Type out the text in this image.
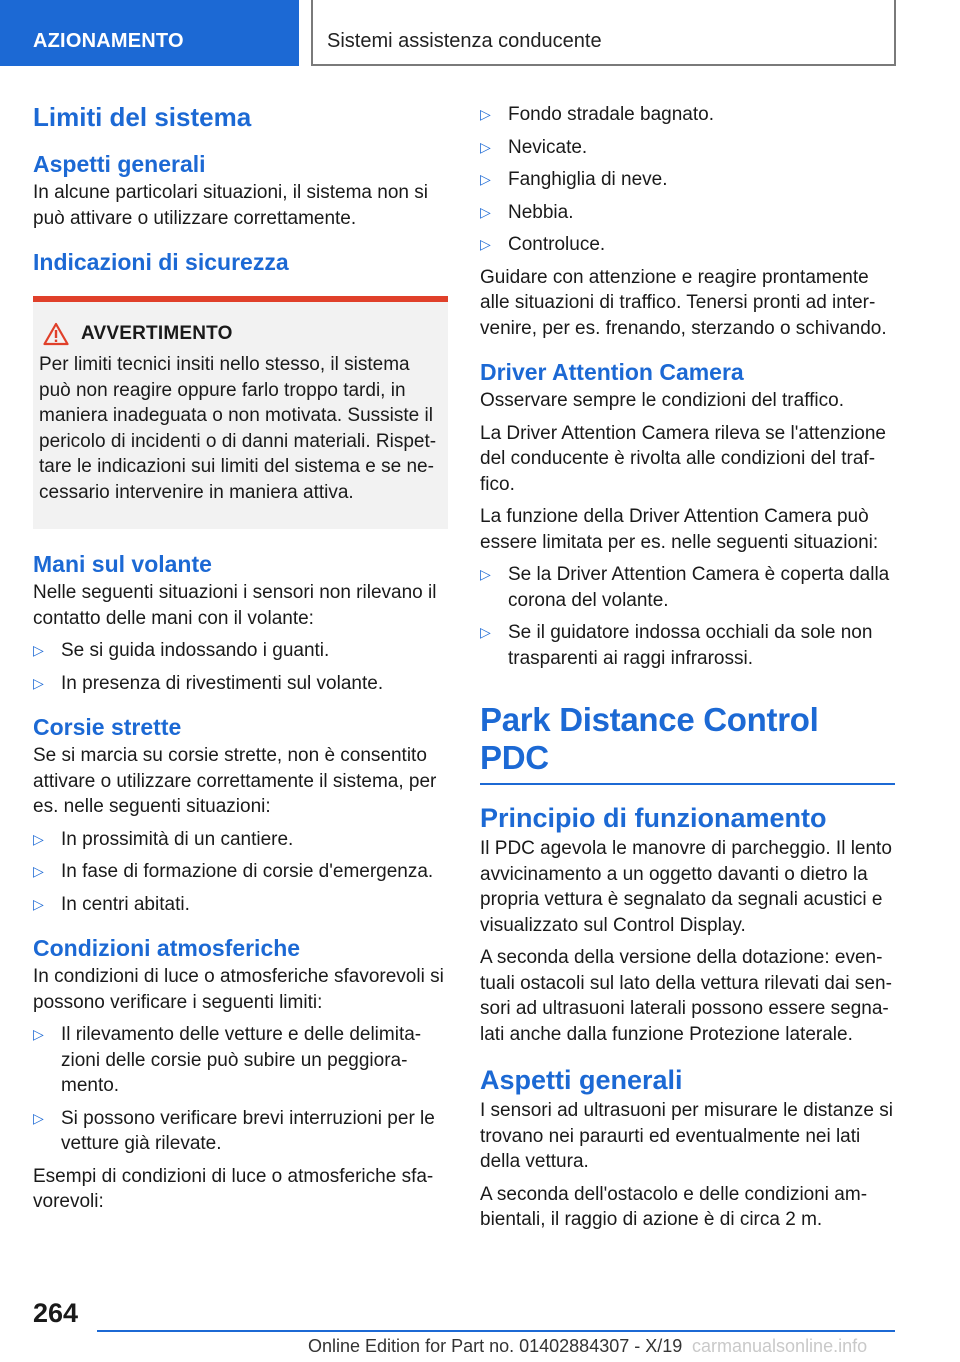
AZIONAMENTO	Sistemi assistenza conducente
Limiti del sistema
Aspetti generali

In alcune particolari situazioni, il sistema non si può attivare o utilizzare correttamente.

Indicazioni di sicurezza
AVVERTIMENTO

Per limiti tecnici insiti nello stesso, il sistema può non reagire oppure farlo troppo tardi, in maniera inadeguata o non motivata. Sussiste il pericolo di incidenti o di danni materiali. Rispettare le indicazioni sui limiti del sistema e se necessario intervenire in maniera attiva.

Mani sul volante

Nelle seguenti situazioni i sensori non rilevano il contatto delle mani con il volante:

▷ Se si guida indossando i guanti.
▷ In presenza di rivestimenti sul volante.
Corsie strette

Se si marcia su corsie strette, non è consentito attivare o utilizzare correttamente il sistema, per es. nelle seguenti situazioni:

▷ In prossimità di un cantiere.
▷ In fase di formazione di corsie d'emergenza.
▷ In centri abitati.
Condizioni atmosferiche

In condizioni di luce o atmosferiche sfavorevoli si possono verificare i seguenti limiti:

▷ Il rilevamento delle vetture e delle delimitazioni delle corsie può subire un peggioramento.
▷ Si possono verificare brevi interruzioni per le vetture già rilevate.

Esempi di condizioni di luce o atmosferiche sfavorevoli:

▷ Fondo stradale bagnato.
▷ Nevicate.
▷ Fanghiglia di neve.
▷ Nebbia.
▷ Controluce.

Guidare con attenzione e reagire prontamente alle situazioni di traffico. Tenersi pronti ad intervenire, per es. frenando, sterzando o schivando.

Driver Attention Camera

Osservare sempre le condizioni del traffico.

La Driver Attention Camera rileva se l'attenzione del conducente è rivolta alle condizioni del traffico.

La funzione della Driver Attention Camera può essere limitata per es. nelle seguenti situazioni:

▷ Se la Driver Attention Camera è coperta dalla corona del volante.
▷ Se il guidatore indossa occhiali da sole non trasparenti ai raggi infrarossi.
Park Distance Control PDC
Principio di funzionamento

Il PDC agevola le manovre di parcheggio. Il lento avvicinamento a un oggetto davanti o dietro la propria vettura è segnalato da segnali acustici e visualizzato sul Control Display.

A seconda della versione della dotazione: eventuali ostacoli sul lato della vettura rilevati dai sensori ad ultrasuoni laterali possono essere segnalati anche dalla funzione Protezione laterale.

Aspetti generali

I sensori ad ultrasuoni per misurare le distanze si trovano nei paraurti ed eventualmente nei lati della vettura.

A seconda dell'ostacolo e delle condizioni ambientali, il raggio di azione è di circa 2 m.

264
Online Edition for Part no. 01402884307 - X/19 carmanualsonline.info
